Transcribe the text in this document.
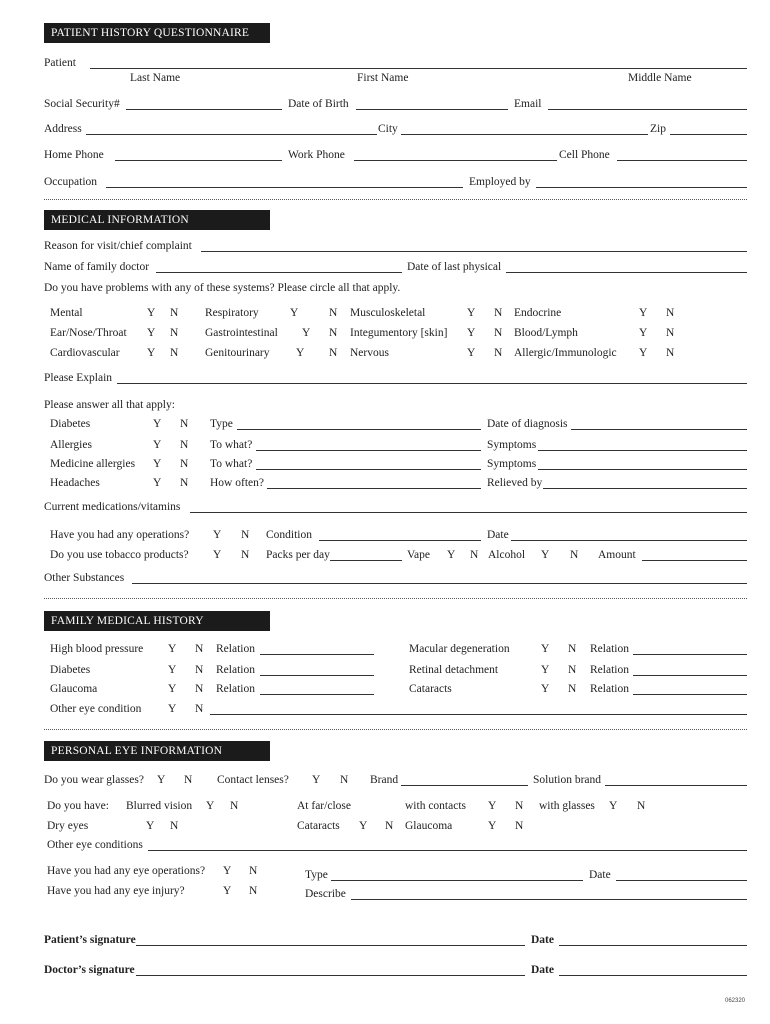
PATIENT HISTORY QUESTIONNAIRE
Patient
Last Name	First Name	Middle Name
Social Security#	Date of Birth	Email
Address	City	Zip
Home Phone	Work Phone	Cell Phone
Occupation	Employed by
MEDICAL INFORMATION
Reason for visit/chief complaint
Name of family doctor	Date of last physical
Do you have problems with any of these systems? Please circle all that apply.
Mental	Y N Respiratory	Y	N Musculoskeletal	Y N Endocrine	Y N
Ear/Nose/Throat Y N Gastrointestinal Y N Integumentory [skin] Y N Blood/Lymph	Y N
Cardiovascular Y N Genitourinary Y N Nervous	Y N Allergic/Immunologic Y N
Please Explain
Please answer all that apply:
Diabetes	Y N Type	Date of diagnosis
Allergies	Y N To what?	Symptoms
Medicine allergies Y N To what?	Symptoms
Headaches	Y N How often?	Relieved by
Current medications/vitamins
Have you had any operations? Y N Condition	Date
Do you use tobacco products? Y N Packs per day	Vape Y N Alcohol Y N Amount
Other Substances
FAMILY MEDICAL HISTORY
High blood pressure Y N Relation	Macular degeneration	Y N Relation
Diabetes	Y N Relation	Retinal detachment	Y N Relation
Glaucoma	Y N Relation	Cataracts	Y N Relation
Other eye condition Y N
PERSONAL EYE INFORMATION
Do you wear glasses? Y N Contact lenses? Y N Brand	Solution brand
Do you have: Blurred vision Y N	At far/close	with contacts Y N with glasses Y N
Dry eyes	Y N	Cataracts Y N Glaucoma	Y N
Other eye conditions
Have you had any eye operations? Y N	Type	Date
Have you had any eye injury?	Y N	Describe
Patient’s signature	Date
Doctor’s signature	Date
062320
